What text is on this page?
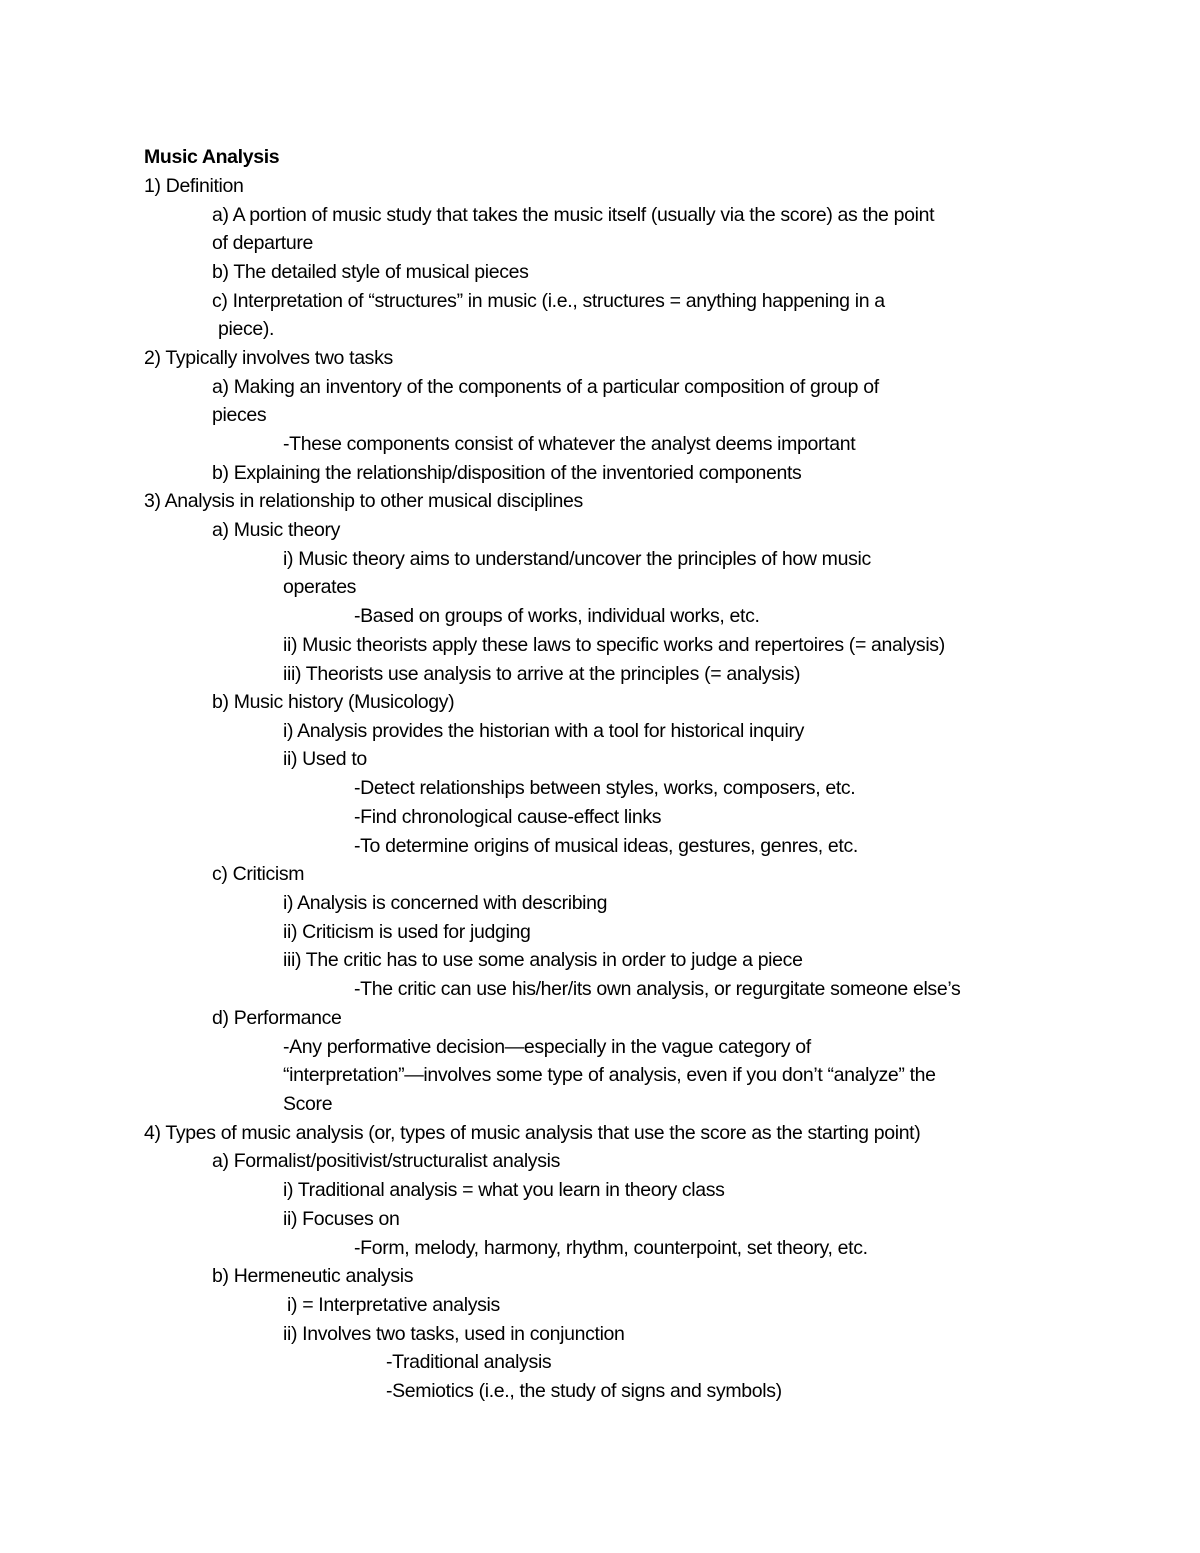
Music Analysis
1) Definition
a) A portion of music study that takes the music itself (usually via the score) as the point
of departure
b) The detailed style of musical pieces
c) Interpretation of “structures” in music (i.e., structures = anything happening in a
piece).
2) Typically involves two tasks
a) Making an inventory of the components of a particular composition of group of
pieces
-These components consist of whatever the analyst deems important
b) Explaining the relationship/disposition of the inventoried components
3) Analysis in relationship to other musical disciplines
a) Music theory
i) Music theory aims to understand/uncover the principles of how music
operates
-Based on groups of works, individual works, etc.
ii) Music theorists apply these laws to specific works and repertoires (= analysis)
iii) Theorists use analysis to arrive at the principles (= analysis)
b) Music history (Musicology)
i) Analysis provides the historian with a tool for historical inquiry
ii) Used to
-Detect relationships between styles, works, composers, etc.
-Find chronological cause-effect links
-To determine origins of musical ideas, gestures, genres, etc.
c) Criticism
i) Analysis is concerned with describing
ii) Criticism is used for judging
iii) The critic has to use some analysis in order to judge a piece
-The critic can use his/her/its own analysis, or regurgitate someone else’s
d) Performance
-Any performative decision—especially in the vague category of
“interpretation”—involves some type of analysis, even if you don’t “analyze” the
Score
4) Types of music analysis (or, types of music analysis that use the score as the starting point)
a) Formalist/positivist/structuralist analysis
i) Traditional analysis = what you learn in theory class
ii) Focuses on
-Form, melody, harmony, rhythm, counterpoint, set theory, etc.
b) Hermeneutic analysis
i) = Interpretative analysis
ii) Involves two tasks, used in conjunction
-Traditional analysis
-Semiotics (i.e., the study of signs and symbols)
